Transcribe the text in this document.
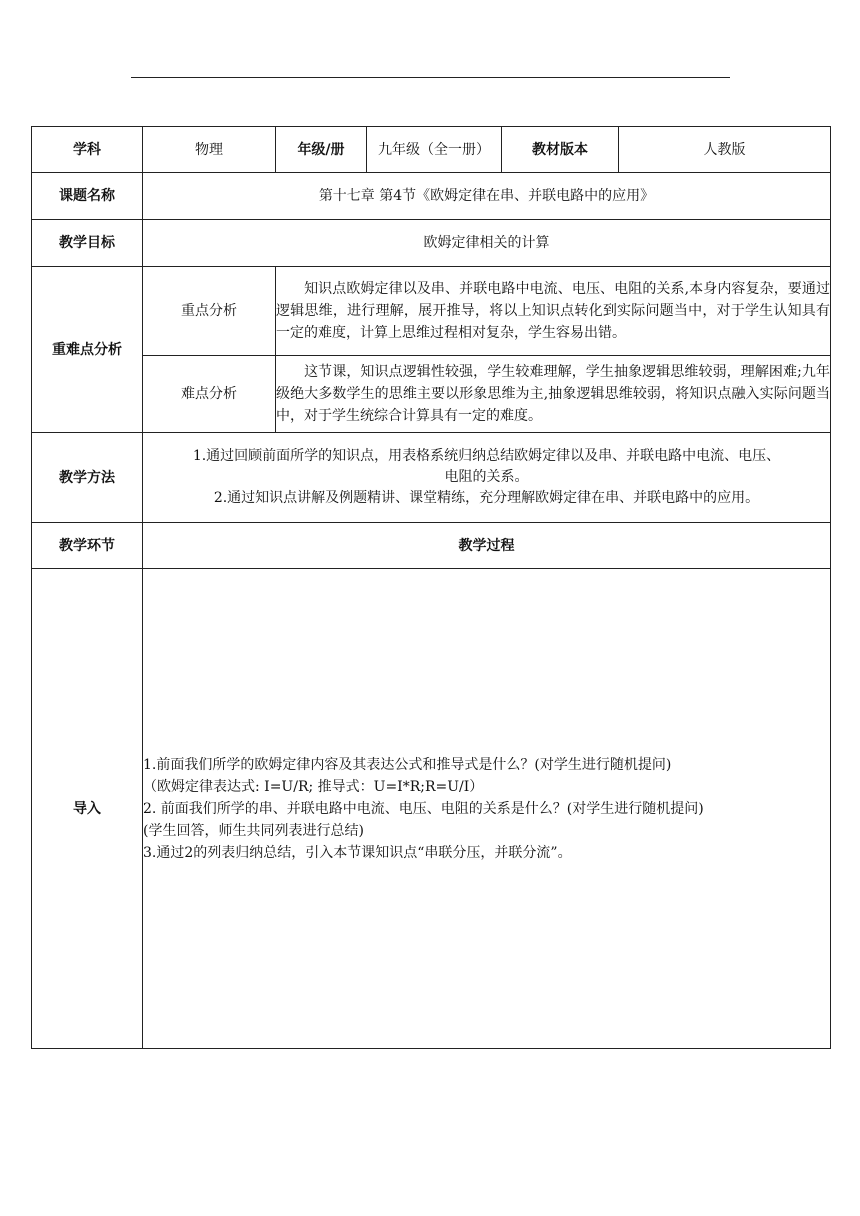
学科	物理	年级/册	九年级（全一册）	教材版本	人教版
课题名称	第十七章 第4节《欧姆定律在串、并联电路中的应用》				
教学目标	欧姆定律相关的计算				
重难点分析	重点分析	知识点欧姆定律以及串、并联电路中电流、电压、电阻的关系,本身内容复杂，要通过逻辑思维，进行理解，展开推导，将以上知识点转化到实际问题当中，对于学生认知具有一定的难度，计算上思维过程相对复杂，学生容易出错。			
	难点分析	这节课，知识点逻辑性较强，学生较难理解，学生抽象逻辑思维较弱，理解困难;九年级绝大多数学生的思维主要以形象思维为主,抽象逻辑思维较弱，将知识点融入实际问题当中，对于学生统综合计算具有一定的难度。			
教学方法	1.通过回顾前面所学的知识点，用表格系统归纳总结欧姆定律以及串、并联电路中电流、电压、
电阻的关系。
2.通过知识点讲解及例题精讲、课堂精练，充分理解欧姆定律在串、并联电路中的应用。				

教学环节	教学过程				
导入	1.前面我们所学的欧姆定律内容及其表达公式和推导式是什么？(对学生进行随机提问)
（欧姆定律表达式: I=U/R; 推导式：U=I*R;R=U/I）
2. 前面我们所学的串、并联电路中电流、电压、电阻的关系是什么？(对学生进行随机提问)
(学生回答，师生共同列表进行总结)
3.通过2的列表归纳总结，引入本节课知识点“串联分压，并联分流”。				
